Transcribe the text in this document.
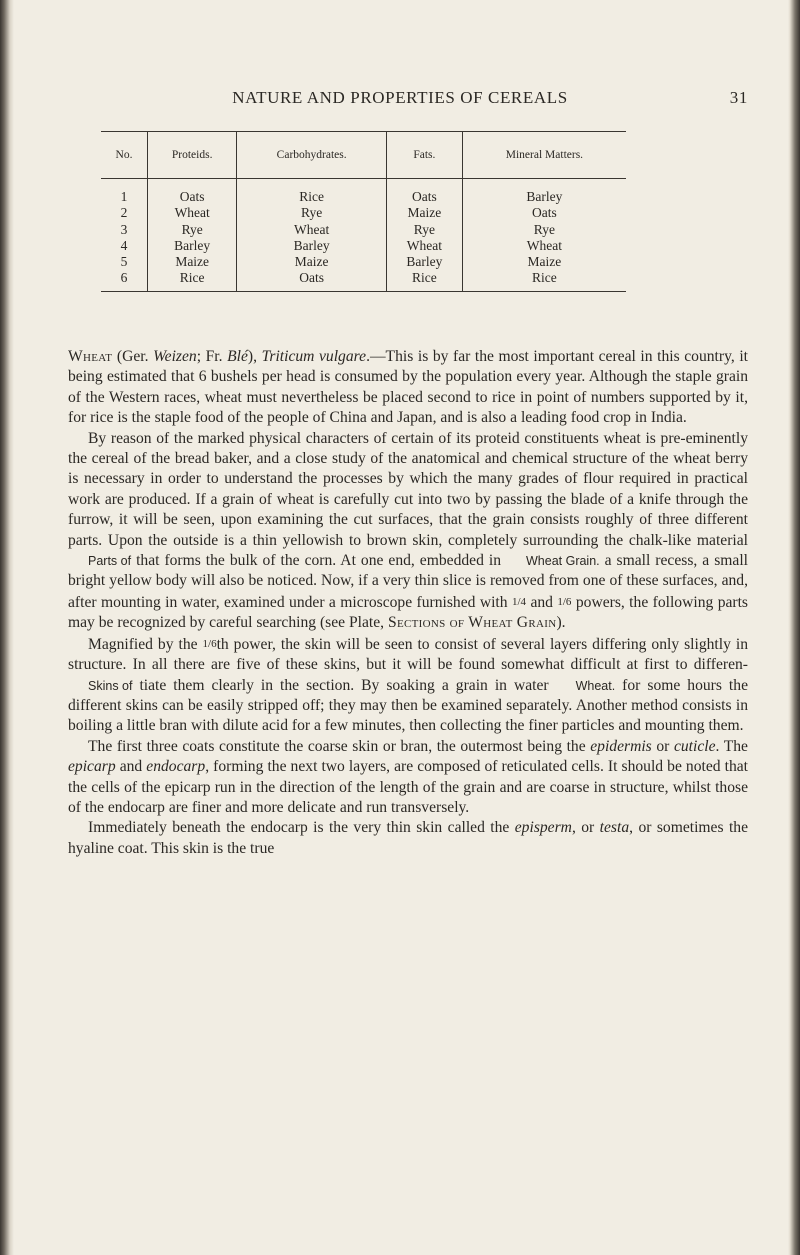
NATURE AND PROPERTIES OF CEREALS	31
No.	Proteids.	Carbohydrates.	Fats.	Mineral Matters.
1	Oats	Rice	Oats	Barley
2	Wheat	Rye	Maize	Oats
3	Rye	Wheat	Rye	Rye
4	Barley	Barley	Wheat	Wheat
5	Maize	Maize	Barley	Maize
6	Rice	Oats	Rice	Rice

Wheat (Ger. Weizen; Fr. Blé), Triticum vulgare.—This is by far the most important cereal in this country, it being estimated that 6 bushels per head is consumed by the population every year. Although the staple grain of the Western races, wheat must nevertheless be placed second to rice in point of numbers supported by it, for rice is the staple food of the people of China and Japan, and is also a leading food crop in India.

By reason of the marked physical characters of certain of its proteid constituents wheat is pre-eminently the cereal of the bread baker, and a close study of the anatomical and chemical structure of the wheat berry is necessary in order to understand the processes by which the many grades of flour required in practical work are produced. If a grain of wheat is carefully cut into two by passing the blade of a knife through the furrow, it will be seen, upon examining the cut surfaces, that the grain consists roughly of three different parts. Upon the outside is a thin yellowish to brown skin, completely surrounding the chalk-like material Parts of that forms the bulk of the corn. At one end, embedded in Wheat Grain. a small recess, a small bright yellow body will also be noticed. Now, if a very thin slice is removed from one of these surfaces, and, after mounting in water, examined under a microscope furnished with 1/4 and 1/6 powers, the following parts may be recognized by careful searching (see Plate, Sections of Wheat Grain).

Magnified by the 1/6th power, the skin will be seen to consist of several layers differing only slightly in structure. In all there are five of these skins, but it will be found somewhat difficult at first to differen-Skins of tiate them clearly in the section. By soaking a grain in water Wheat. for some hours the different skins can be easily stripped off; they may then be examined separately. Another method consists in boiling a little bran with dilute acid for a few minutes, then collecting the finer particles and mounting them.

The first three coats constitute the coarse skin or bran, the outermost being the epidermis or cuticle. The epicarp and endocarp, forming the next two layers, are composed of reticulated cells. It should be noted that the cells of the epicarp run in the direction of the length of the grain and are coarse in structure, whilst those of the endocarp are finer and more delicate and run transversely.

Immediately beneath the endocarp is the very thin skin called the episperm, or testa, or sometimes the hyaline coat. This skin is the true
